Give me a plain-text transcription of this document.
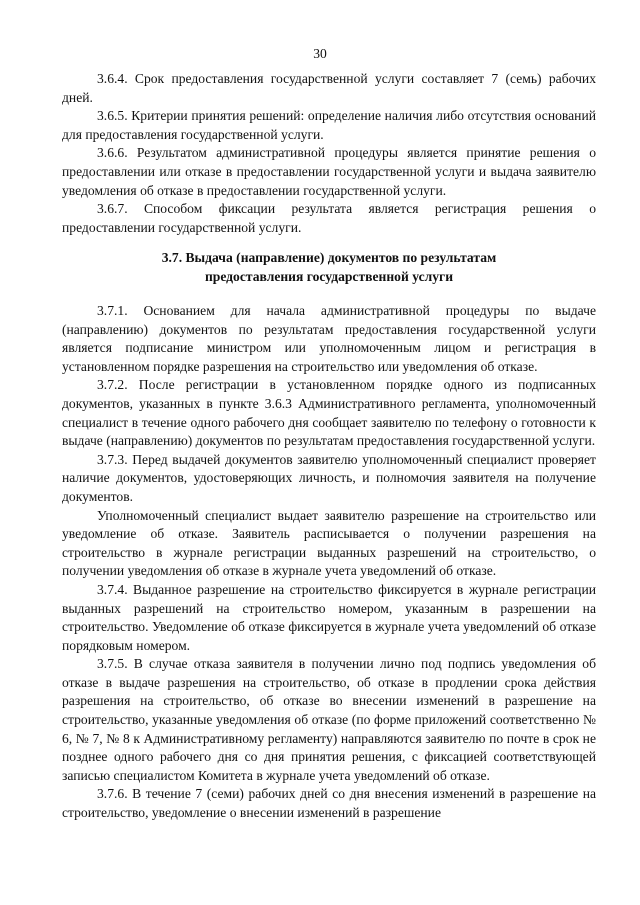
30

3.6.4. Срок предоставления государственной услуги составляет 7 (семь) рабочих дней.

3.6.5. Критерии принятия решений: определение наличия либо отсутствия оснований для предоставления государственной услуги.

3.6.6. Результатом административной процедуры является принятие решения о предоставлении или отказе в предоставлении государственной услуги и выдача заявителю уведомления об отказе в предоставлении государственной услуги.

3.6.7. Способом фиксации результата является регистрация решения о предоставлении государственной услуги.

3.7. Выдача (направление) документов по результатам
предоставления государственной услуги

3.7.1. Основанием для начала административной процедуры по выдаче (направлению) документов по результатам предоставления государственной услуги является подписание министром или уполномоченным лицом и регистрация в установленном порядке разрешения на строительство или уведомления об отказе.

3.7.2. После регистрации в установленном порядке одного из подписанных документов, указанных в пункте 3.6.3 Административного регламента, уполномоченный специалист в течение одного рабочего дня сообщает заявителю по телефону о готовности к выдаче (направлению) документов по результатам предоставления государственной услуги.

3.7.3. Перед выдачей документов заявителю уполномоченный специалист проверяет наличие документов, удостоверяющих личность, и полномочия заявителя на получение документов.

Уполномоченный специалист выдает заявителю разрешение на строительство или уведомление об отказе. Заявитель расписывается о получении разрешения на строительство в журнале регистрации выданных разрешений на строительство, о получении уведомления об отказе в журнале учета уведомлений об отказе.

3.7.4. Выданное разрешение на строительство фиксируется в журнале регистрации выданных разрешений на строительство номером, указанным в разрешении на строительство. Уведомление об отказе фиксируется в журнале учета уведомлений об отказе порядковым номером.

3.7.5. В случае отказа заявителя в получении лично под подпись уведомления об отказе в выдаче разрешения на строительство, об отказе в продлении срока действия разрешения на строительство, об отказе во внесении изменений в разрешение на строительство, указанные уведомления об отказе (по форме приложений соответственно № 6, № 7, № 8 к Административному регламенту) направляются заявителю по почте в срок не позднее одного рабочего дня со дня принятия решения, с фиксацией соответствующей записью специалистом Комитета в журнале учета уведомлений об отказе.

3.7.6. В течение 7 (семи) рабочих дней со дня внесения изменений в разрешение на строительство, уведомление о внесении изменений в разрешение
